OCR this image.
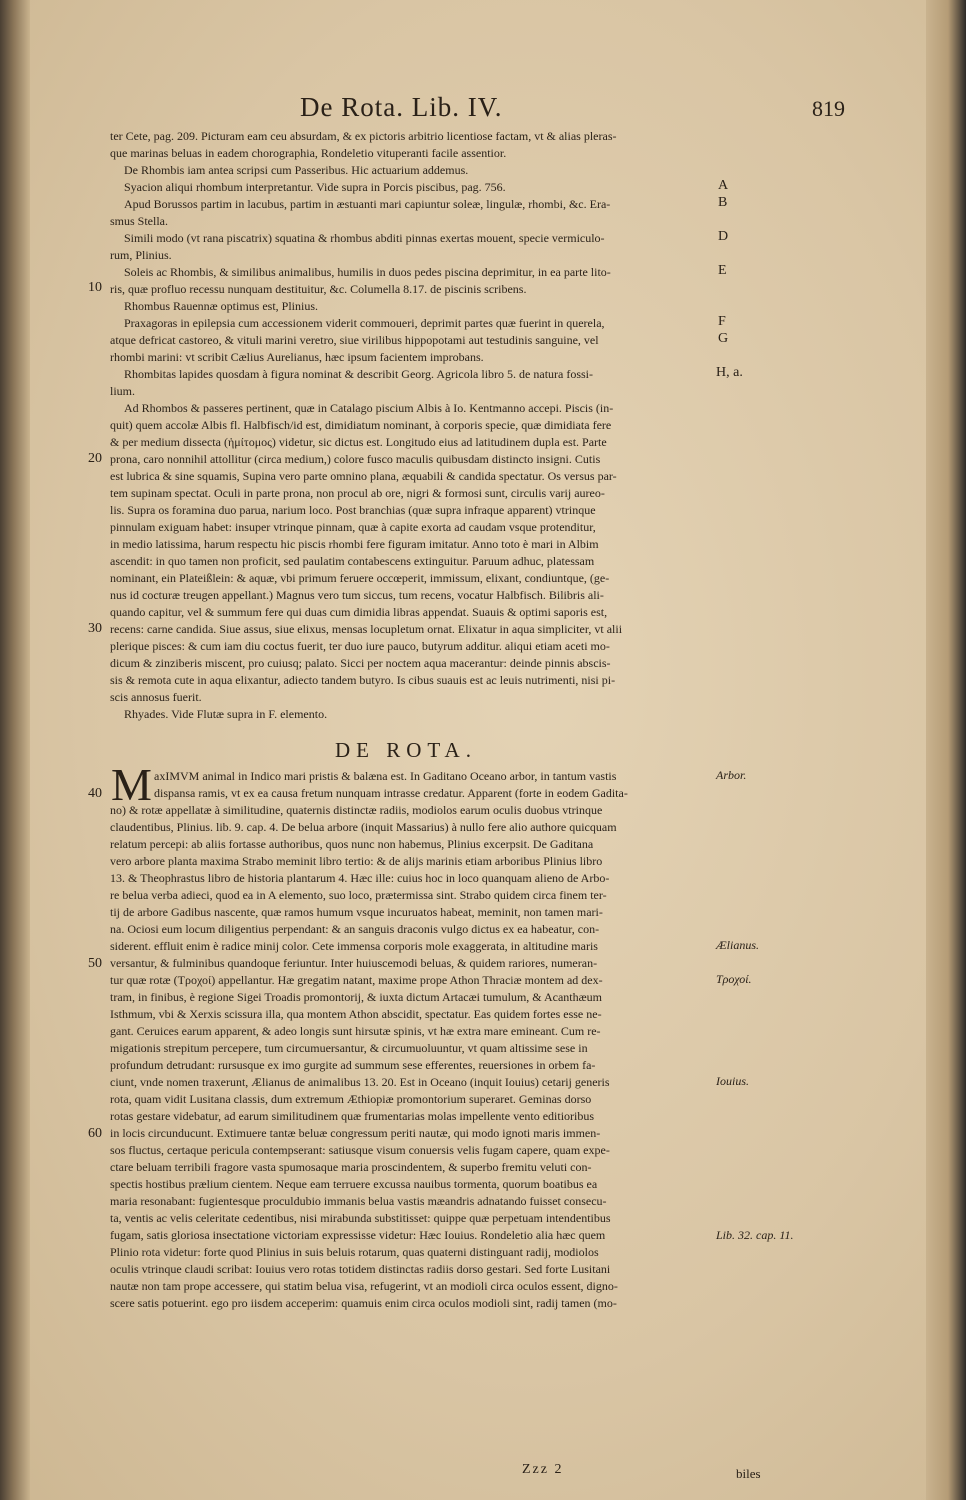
De Rota. Lib. IV.	819
ter Cete, pag. 209. Picturam eam ceu absurdam, & ex pictoris arbitrio licentiose factam, vt & alias pleras-
que marinas beluas in eadem chorographia, Rondeletio vituperanti facile assentior.
De Rhombis iam antea scripsi cum Passeribus. Hic actuarium addemus.
Syacion aliqui rhombum interpretantur. Vide supra in Porcis piscibus, pag. 756.
Apud Borussos partim in lacubus, partim in æstuanti mari capiuntur soleæ, lingulæ, rhombi, &c. Era-
smus Stella.
Simili modo (vt rana piscatrix) squatina & rhombus abditi pinnas exertas mouent, specie vermiculo-
rum, Plinius.
Soleis ac Rhombis, & similibus animalibus, humilis in duos pedes piscina deprimitur, in ea parte lito-
ris, quæ profluo recessu nunquam destituitur, &c. Columella 8.17. de piscinis scribens.
Rhombus Rauennæ optimus est, Plinius.
Praxagoras in epilepsia cum accessionem viderit commoueri, deprimit partes quæ fuerint in querela,
atque defricat castoreo, & vituli marini veretro, siue virilibus hippopotami aut testudinis sanguine, vel
rhombi marini: vt scribit Cælius Aurelianus, hæc ipsum facientem improbans.
Rhombitas lapides quosdam à figura nominat & describit Georg. Agricola libro 5. de natura fossi-
lium.
Ad Rhombos & passeres pertinent, quæ in Catalago piscium Albis à Io. Kentmanno accepi. Piscis (in-
quit) quem accolæ Albis fl. Halbfisch/id est, dimidiatum nominant, à corporis specie, quæ dimidiata fere
& per medium dissecta (ἡμίτομος) videtur, sic dictus est. Longitudo eius ad latitudinem dupla est. Parte
prona, caro nonnihil attollitur (circa medium,) colore fusco maculis quibusdam distincto insigni. Cutis
est lubrica & sine squamis, Supina vero parte omnino plana, æquabili & candida spectatur. Os versus par-
tem supinam spectat. Oculi in parte prona, non procul ab ore, nigri & formosi sunt, circulis varij aureo-
lis. Supra os foramina duo parua, narium loco. Post branchias (quæ supra infraque apparent) vtrinque
pinnulam exiguam habet: insuper vtrinque pinnam, quæ à capite exorta ad caudam vsque protenditur,
in medio latissima, harum respectu hic piscis rhombi fere figuram imitatur. Anno toto è mari in Albim
ascendit: in quo tamen non proficit, sed paulatim contabescens extinguitur. Paruum adhuc, platessam
nominant, ein Plateißlein: & aquæ, vbi primum feruere occœperit, immissum, elixant, condiuntque, (ge-
nus id cocturæ treugen appellant.) Magnus vero tum siccus, tum recens, vocatur Halbfisch. Bilibris ali-
quando capitur, vel & summum fere qui duas cum dimidia libras appendat. Suauis & optimi saporis est,
recens: carne candida. Siue assus, siue elixus, mensas locupletum ornat. Elixatur in aqua simpliciter, vt alii
plerique pisces: & cum iam diu coctus fuerit, ter duo iure pauco, butyrum additur. aliqui etiam aceti mo-
dicum & zinziberis miscent, pro cuiusq; palato. Sicci per noctem aqua macerantur: deinde pinnis abscis-
sis & remota cute in aqua elixantur, adiecto tandem butyro. Is cibus suauis est ac leuis nutrimenti, nisi pi-
scis annosus fuerit.
Rhyades. Vide Flutæ supra in F. elemento.
axIMVM animal in Indico mari pristis & balæna est. In Gaditano Oceano arbor, in tantum vastis
dispansa ramis, vt ex ea causa fretum nunquam intrasse credatur. Apparent (forte in eodem Gadita-
no) & rotæ appellatæ à similitudine, quaternis distinctæ radiis, modiolos earum oculis duobus vtrinque
claudentibus, Plinius. lib. 9. cap. 4. De belua arbore (inquit Massarius) à nullo fere alio authore quicquam
relatum percepi: ab aliis fortasse authoribus, quos nunc non habemus, Plinius excerpsit. De Gaditana
vero arbore planta maxima Strabo meminit libro tertio: & de alijs marinis etiam arboribus Plinius libro
13. & Theophrastus libro de historia plantarum 4. Hæc ille: cuius hoc in loco quanquam alieno de Arbo-
re belua verba adieci, quod ea in A elemento, suo loco, prætermissa sint. Strabo quidem circa finem ter-
tij de arbore Gadibus nascente, quæ ramos humum vsque incuruatos habeat, meminit, non tamen mari-
na. Ociosi eum locum diligentius perpendant: & an sanguis draconis vulgo dictus ex ea habeatur, con-
siderent. effluit enim è radice minij color. Cete immensa corporis mole exaggerata, in altitudine maris
versantur, & fulminibus quandoque feriuntur. Inter huiuscemodi beluas, & quidem rariores, numeran-
tur quæ rotæ (Τροχοί) appellantur. Hæ gregatim natant, maxime prope Athon Thraciæ montem ad dex-
tram, in finibus, è regione Sigei Troadis promontorij, & iuxta dictum Artacæi tumulum, & Acanthæum
Isthmum, vbi & Xerxis scissura illa, qua montem Athon abscidit, spectatur. Eas quidem fortes esse ne-
gant. Ceruices earum apparent, & adeo longis sunt hirsutæ spinis, vt hæ extra mare emineant. Cum re-
migationis strepitum percepere, tum circumuersantur, & circumuoluuntur, vt quam altissime sese in
profundum detrudant: rursusque ex imo gurgite ad summum sese efferentes, reuersiones in orbem fa-
ciunt, vnde nomen traxerunt, Ælianus de animalibus 13. 20. Est in Oceano (inquit Iouius) cetarij generis
rota, quam vidit Lusitana classis, dum extremum Æthiopiæ promontorium superaret. Geminas dorso
rotas gestare videbatur, ad earum similitudinem quæ frumentarias molas impellente vento editioribus
in locis circunducunt. Extimuere tantæ beluæ congressum periti nautæ, qui modo ignoti maris immen-
sos fluctus, certaque pericula contempserant: satiusque visum conuersis velis fugam capere, quam expe-
ctare beluam terribili fragore vasta spumosaque maria proscindentem, & superbo fremitu veluti con-
spectis hostibus prælium cientem. Neque eam terruere excussa nauibus tormenta, quorum boatibus ea
maria resonabant: fugientesque proculdubio immanis belua vastis mæandris adnatando fuisset consecu-
ta, ventis ac velis celeritate cedentibus, nisi mirabunda substitisset: quippe quæ perpetuam intendentibus
fugam, satis gloriosa insectatione victoriam expressisse videtur: Hæc Iouius. Rondeletio alia hæc quem
Plinio rota videtur: forte quod Plinius in suis beluis rotarum, quas quaterni distinguant radij, modiolos
oculis vtrinque claudi scribat: Iouius vero rotas totidem distinctas radiis dorso gestari. Sed forte Lusitani
nautæ non tam prope accessere, qui statim belua visa, refugerint, vt an modioli circa oculos essent, digno-
scere satis potuerint. ego pro iisdem acceperim: quamuis enim circa oculos modioli sint, radij tamen (mo-
DE ROTA.
M
10
20
30
40
50
60
A
B
D
E
F
G
H, a.
Arbor.
Ælianus.
Τροχοί.
Iouius.
Lib. 32. cap. 11.
Zzz 2	biles
